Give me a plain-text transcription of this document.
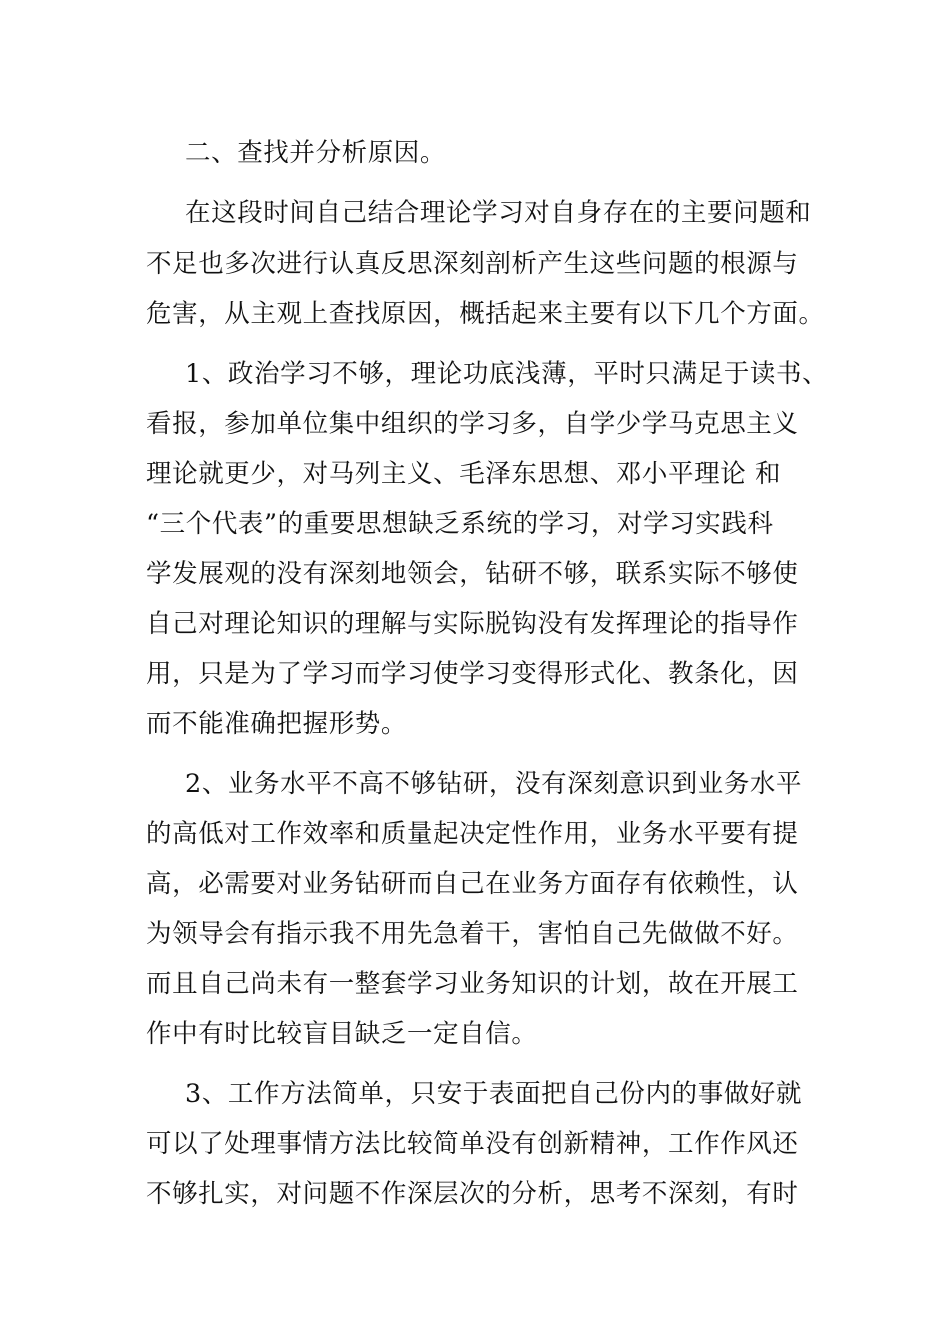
二、查找并分析原因。

在这段时间自己结合理论学习对自身存在的主要问题和

不足也多次进行认真反思深刻剖析产生这些问题的根源与

危害，从主观上查找原因，概括起来主要有以下几个方面。

1、政治学习不够，理论功底浅薄，平时只满足于读书、

看报，参加单位集中组织的学习多，自学少学马克思主义

理论就更少，对马列主义、毛泽东思想、邓小平理论 和

“三个代表”的重要思想缺乏系统的学习，对学习实践科

学发展观的没有深刻地领会，钻研不够，联系实际不够使

自己对理论知识的理解与实际脱钩没有发挥理论的指导作

用，只是为了学习而学习使学习变得形式化、教条化，因

而不能准确把握形势。

2、业务水平不高不够钻研，没有深刻意识到业务水平

的高低对工作效率和质量起决定性作用，业务水平要有提

高，必需要对业务钻研而自己在业务方面存有依赖性，认

为领导会有指示我不用先急着干，害怕自己先做做不好。

而且自己尚未有一整套学习业务知识的计划，故在开展工

作中有时比较盲目缺乏一定自信。

3、工作方法简单，只安于表面把自己份内的事做好就

可以了处理事情方法比较简单没有创新精神，工作作风还

不够扎实，对问题不作深层次的分析，思考不深刻，有时
